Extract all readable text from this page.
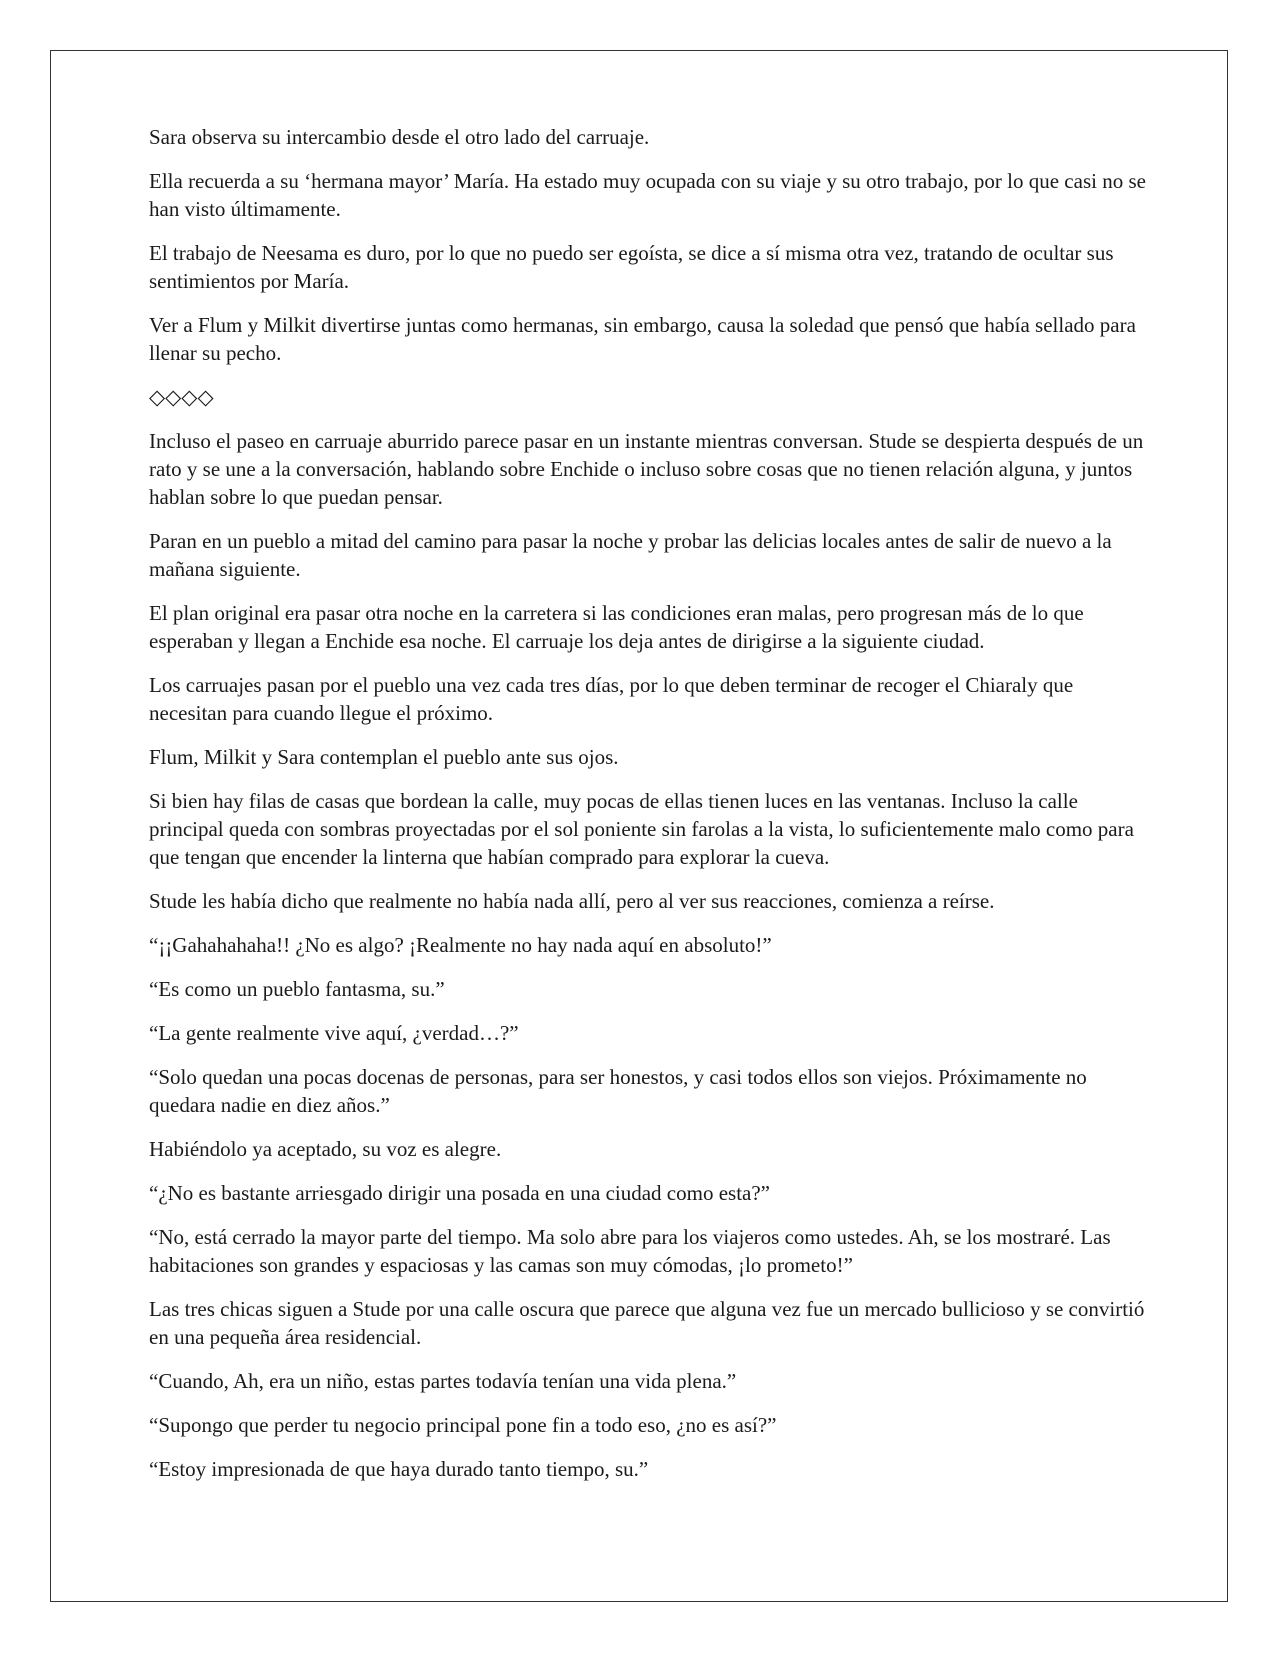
Sara observa su intercambio desde el otro lado del carruaje.

Ella recuerda a su ‘hermana mayor’ María. Ha estado muy ocupada con su viaje y su otro trabajo, por lo que casi no se han visto últimamente.

El trabajo de Neesama es duro, por lo que no puedo ser egoísta, se dice a sí misma otra vez, tratando de ocultar sus sentimientos por María.

Ver a Flum y Milkit divertirse juntas como hermanas, sin embargo, causa la soledad que pensó que había sellado para llenar su pecho.

◇◇◇◇

Incluso el paseo en carruaje aburrido parece pasar en un instante mientras conversan. Stude se despierta después de un rato y se une a la conversación, hablando sobre Enchide o incluso sobre cosas que no tienen relación alguna, y juntos hablan sobre lo que puedan pensar.

Paran en un pueblo a mitad del camino para pasar la noche y probar las delicias locales antes de salir de nuevo a la mañana siguiente.

El plan original era pasar otra noche en la carretera si las condiciones eran malas, pero progresan más de lo que esperaban y llegan a Enchide esa noche. El carruaje los deja antes de dirigirse a la siguiente ciudad.

Los carruajes pasan por el pueblo una vez cada tres días, por lo que deben terminar de recoger el Chiaraly que necesitan para cuando llegue el próximo.

Flum, Milkit y Sara contemplan el pueblo ante sus ojos.

Si bien hay filas de casas que bordean la calle, muy pocas de ellas tienen luces en las ventanas. Incluso la calle principal queda con sombras proyectadas por el sol poniente sin farolas a la vista, lo suficientemente malo como para que tengan que encender la linterna que habían comprado para explorar la cueva.

Stude les había dicho que realmente no había nada allí, pero al ver sus reacciones, comienza a reírse.

“¡¡Gahahahaha!! ¿No es algo? ¡Realmente no hay nada aquí en absoluto!”

“Es como un pueblo fantasma, su.”

“La gente realmente vive aquí, ¿verdad…?”

“Solo quedan una pocas docenas de personas, para ser honestos, y casi todos ellos son viejos. Próximamente no quedara nadie en diez años.”

Habiéndolo ya aceptado, su voz es alegre.

“¿No es bastante arriesgado dirigir una posada en una ciudad como esta?”

“No, está cerrado la mayor parte del tiempo. Ma solo abre para los viajeros como ustedes. Ah, se los mostraré. Las habitaciones son grandes y espaciosas y las camas son muy cómodas, ¡lo prometo!”

Las tres chicas siguen a Stude por una calle oscura que parece que alguna vez fue un mercado bullicioso y se convirtió en una pequeña área residencial.

“Cuando, Ah, era un niño, estas partes todavía tenían una vida plena.”

“Supongo que perder tu negocio principal pone fin a todo eso, ¿no es así?”

“Estoy impresionada de que haya durado tanto tiempo, su.”
